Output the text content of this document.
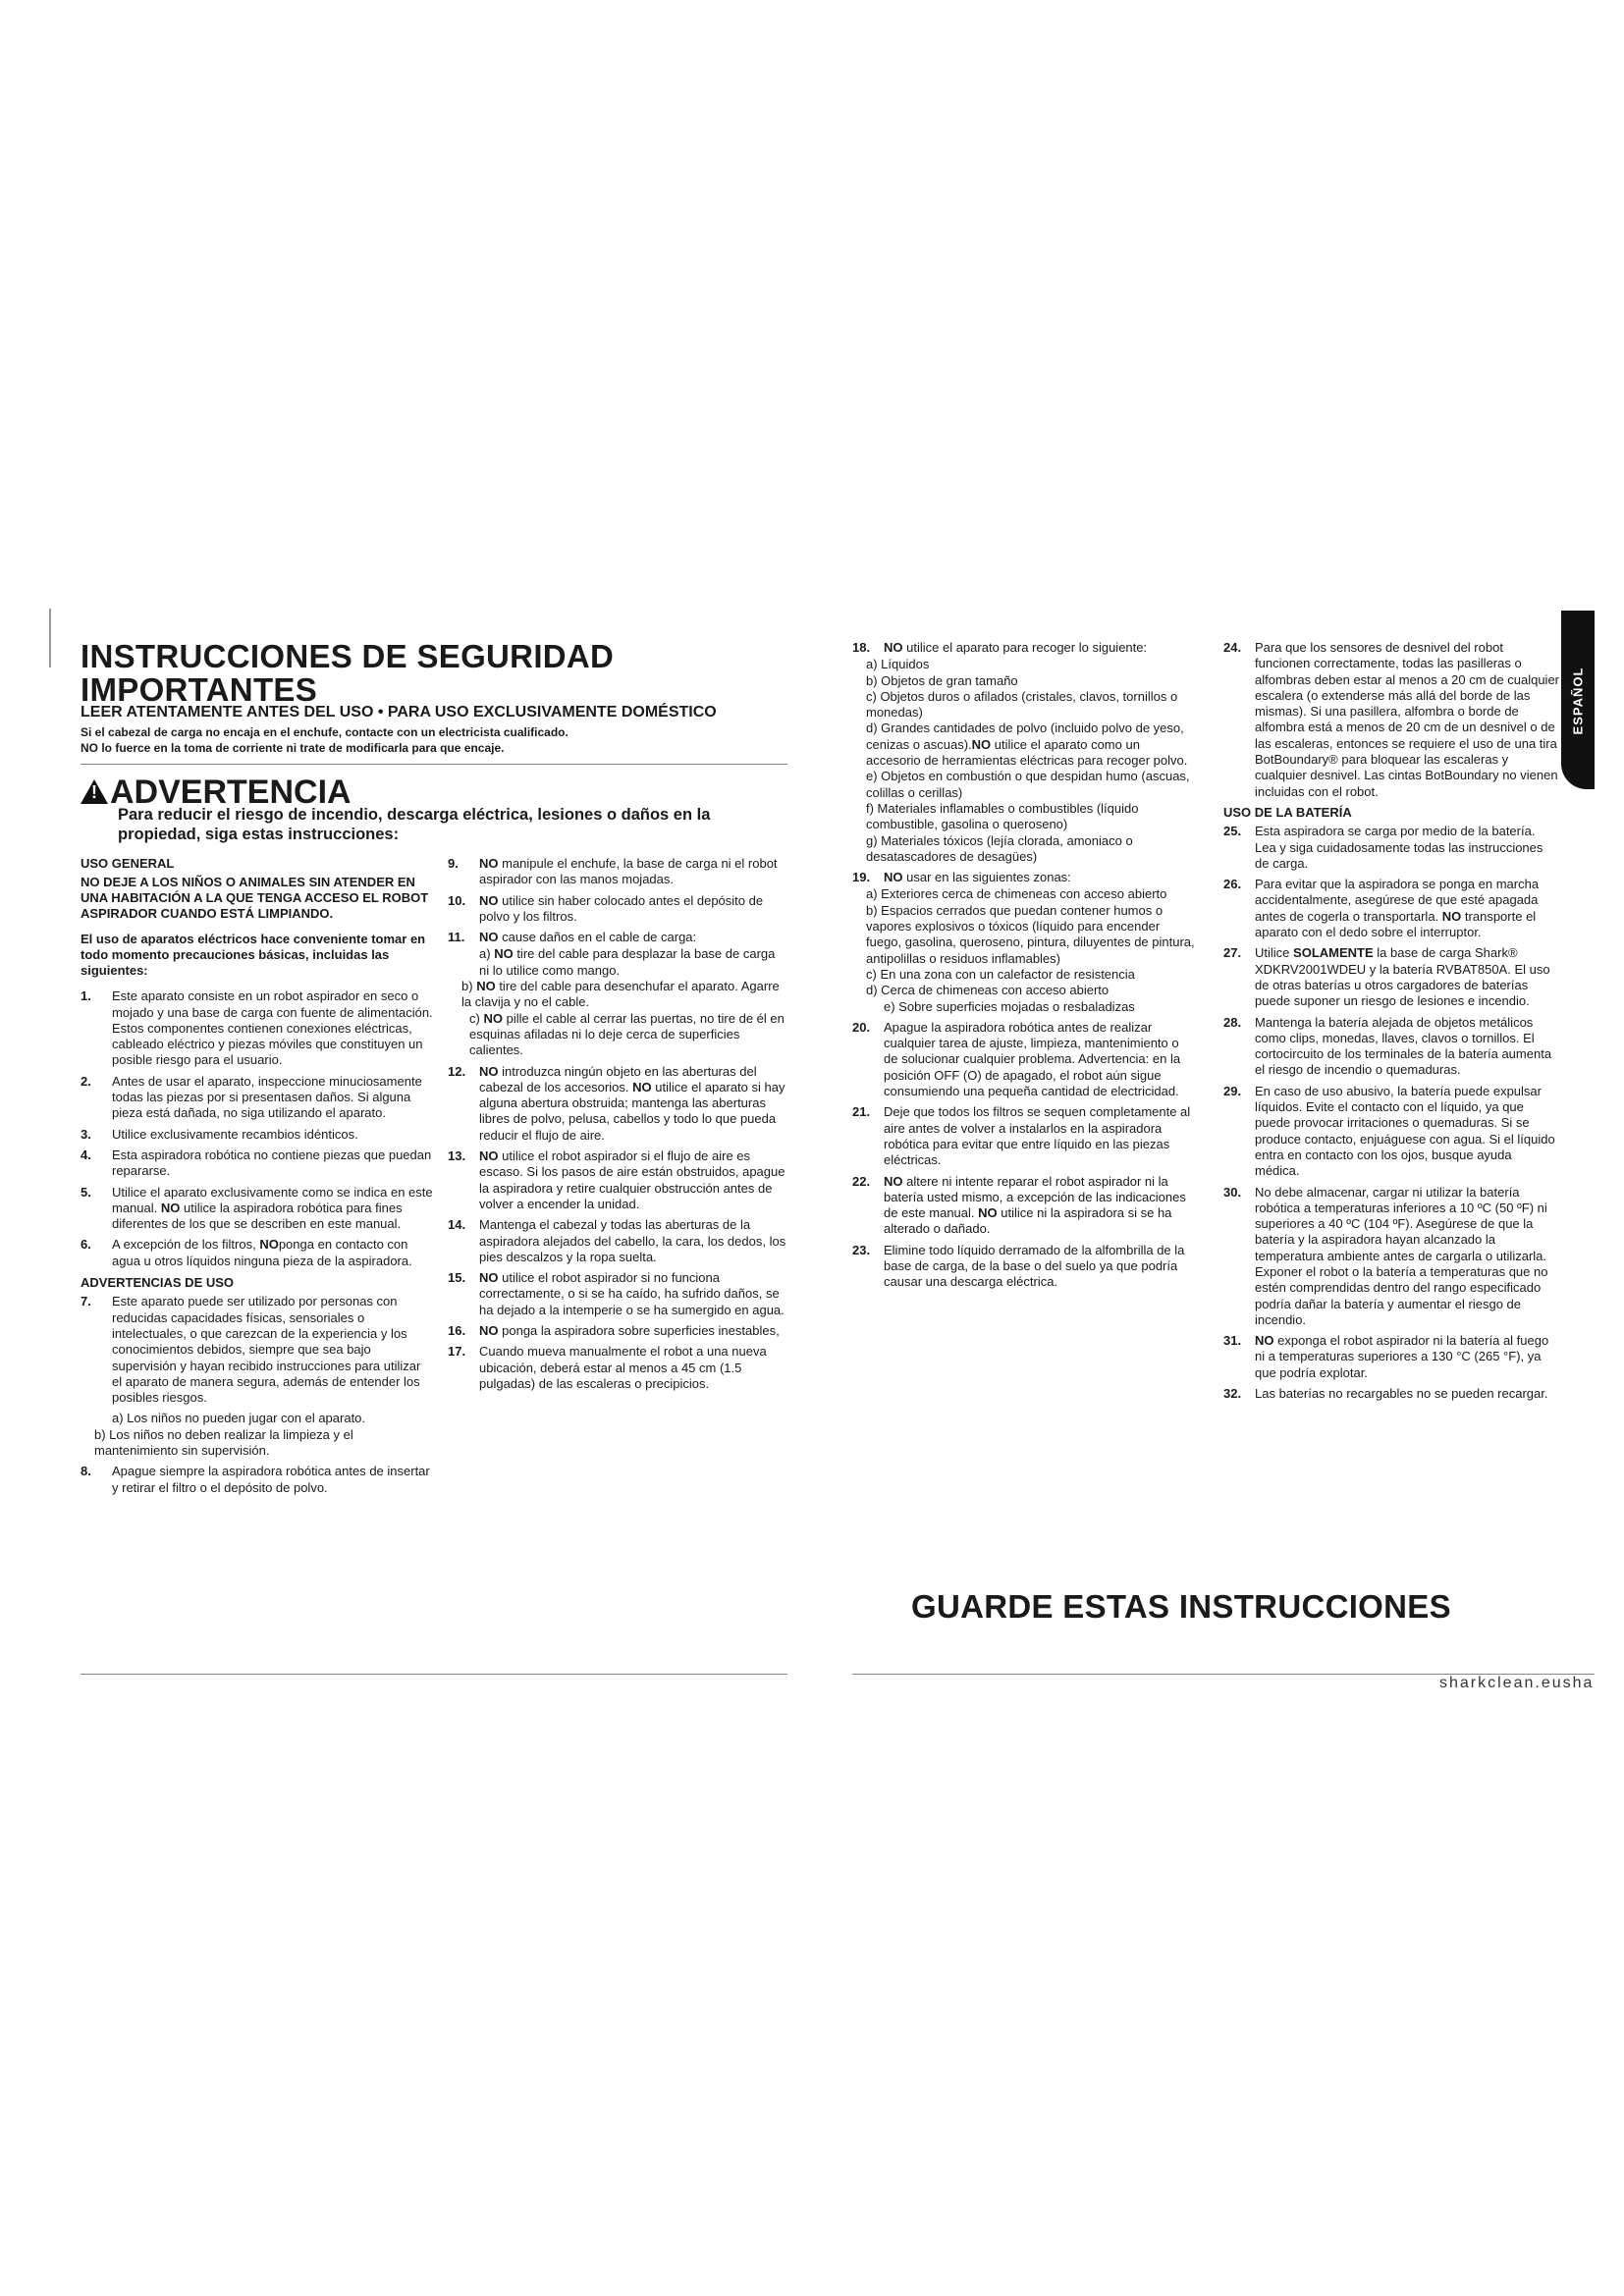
INSTRUCCIONES DE SEGURIDAD IMPORTANTES
LEER ATENTAMENTE ANTES DEL USO • PARA USO EXCLUSIVAMENTE DOMÉSTICO
Si el cabezal de carga no encaja en el enchufe, contacte con un electricista cualificado.
NO lo fuerce en la toma de corriente ni trate de modificarla para que encaje.
!ADVERTENCIA
Para reducir el riesgo de incendio, descarga eléctrica, lesiones o daños en la propiedad, siga estas instrucciones:
USO GENERAL
NO DEJE A LOS NIÑOS O ANIMALES SIN ATENDER EN UNA HABITACIÓN A LA QUE TENGA ACCESO EL ROBOT ASPIRADOR CUANDO ESTÁ LIMPIANDO.
El uso de aparatos eléctricos hace conveniente tomar en todo momento precauciones básicas, incluidas las siguientes:
1.	Este aparato consiste en un robot aspirador en seco o mojado y una base de carga con fuente de alimentación. Estos componentes contienen conexiones eléctricas, cableado eléctrico y piezas móviles que constituyen un posible riesgo para el usuario.
2.	Antes de usar el aparato, inspeccione minuciosamente todas las piezas por si presentasen daños. Si alguna pieza está dañada, no siga utilizando el aparato.
3.	Utilice exclusivamente recambios idénticos.
4.	Esta aspiradora robótica no contiene piezas que puedan repararse.
5.	Utilice el aparato exclusivamente como se indica en este manual. NO utilice la aspiradora robótica para fines diferentes de los que se describen en este manual.
6.	A excepción de los filtros, NOponga en contacto con agua u otros líquidos ninguna pieza de la aspiradora.
ADVERTENCIAS DE USO
7.	Este aparato puede ser utilizado por personas con reducidas capacidades físicas, sensoriales o intelectuales, o que carezcan de la experiencia y los conocimientos debidos, siempre que sea bajo supervisión y hayan recibido instrucciones para utilizar el aparato de manera segura, además de entender los posibles riesgos.
a) Los niños no pueden jugar con el aparato.
b) Los niños no deben realizar la limpieza y el mantenimiento sin supervisión.
8.	Apague siempre la aspiradora robótica antes de insertar y retirar el filtro o el depósito de polvo.
9.	NO manipule el enchufe, la base de carga ni el robot aspirador con las manos mojadas.
10.	NO utilice sin haber colocado antes el depósito de polvo y los filtros.
11.	NO cause daños en el cable de carga:
a) NO tire del cable para desplazar la base de carga ni lo utilice como mango.
b) NO tire del cable para desenchufar el aparato. Agarre la clavija y no el cable.
c) NO pille el cable al cerrar las puertas, no tire de él en esquinas afiladas ni lo deje cerca de superficies calientes.
12.	NO introduzca ningún objeto en las aberturas del cabezal de los accesorios. NO utilice el aparato si hay alguna abertura obstruida; mantenga las aberturas libres de polvo, pelusa, cabellos y todo lo que pueda reducir el flujo de aire.
13.	NO utilice el robot aspirador si el flujo de aire es escaso. Si los pasos de aire están obstruidos, apague la aspiradora y retire cualquier obstrucción antes de volver a encender la unidad.
14.	Mantenga el cabezal y todas las aberturas de la aspiradora alejados del cabello, la cara, los dedos, los pies descalzos y la ropa suelta.
15.	NO utilice el robot aspirador si no funciona correctamente, o si se ha caído, ha sufrido daños, se ha dejado a la intemperie o se ha sumergido en agua.
16.	NO ponga la aspiradora sobre superficies inestables,
17.	Cuando mueva manualmente el robot a una nueva ubicación, deberá estar al menos a 45 cm (1.5 pulgadas) de las escaleras o precipicios.
18.	NO utilice el aparato para recoger lo siguiente:
a) Líquidos
b) Objetos de gran tamaño
c) Objetos duros o afilados (cristales, clavos, tornillos o monedas)
d) Grandes cantidades de polvo (incluido polvo de yeso, cenizas o ascuas).NO utilice el aparato como un accesorio de herramientas eléctricas para recoger polvo.
e) Objetos en combustión o que despidan humo (ascuas, colillas o cerillas)
f) Materiales inflamables o combustibles (líquido combustible, gasolina o queroseno)
g) Materiales tóxicos (lejía clorada, amoniaco o desatascadores de desagües)
19.	NO usar en las siguientes zonas:
a) Exteriores cerca de chimeneas con acceso abierto
b) Espacios cerrados que puedan contener humos o vapores explosivos o tóxicos (líquido para encender fuego, gasolina, queroseno, pintura, diluyentes de pintura, antipolillas o residuos inflamables)
c) En una zona con un calefactor de resistencia
d) Cerca de chimeneas con acceso abierto
e) Sobre superficies mojadas o resbaladizas
20.	Apague la aspiradora robótica antes de realizar cualquier tarea de ajuste, limpieza, mantenimiento o de solucionar cualquier problema. Advertencia: en la posición OFF (O) de apagado, el robot aún sigue consumiendo una pequeña cantidad de electricidad.
21.	Deje que todos los filtros se sequen completamente al aire antes de volver a instalarlos en la aspiradora robótica para evitar que entre líquido en las piezas eléctricas.
22.	NO altere ni intente reparar el robot aspirador ni la batería usted mismo, a excepción de las indicaciones de este manual. NO utilice ni la aspiradora si se ha alterado o dañado.
23.	Elimine todo líquido derramado de la alfombrilla de la base de carga, de la base o del suelo ya que podría causar una descarga eléctrica.
24.	Para que los sensores de desnivel del robot funcionen correctamente, todas las pasilleras o alfombras deben estar al menos a 20 cm de cualquier escalera (o extenderse más allá del borde de las mismas). Si una pasillera, alfombra o borde de alfombra está a menos de 20 cm de un desnivel o de las escaleras, entonces se requiere el uso de una tira BotBoundary® para bloquear las escaleras y cualquier desnivel. Las cintas BotBoundary no vienen incluidas con el robot.
USO DE LA BATERÍA
25.	Esta aspiradora se carga por medio de la batería. Lea y siga cuidadosamente todas las instrucciones de carga.
26.	Para evitar que la aspiradora se ponga en marcha accidentalmente, asegúrese de que esté apagada antes de cogerla o transportarla. NO transporte el aparato con el dedo sobre el interruptor.
27.	Utilice SOLAMENTE la base de carga Shark® XDKRV2001WDEU y la batería RVBAT850A. El uso de otras baterías u otros cargadores de baterías puede suponer un riesgo de lesiones e incendio.
28.	Mantenga la batería alejada de objetos metálicos como clips, monedas, llaves, clavos o tornillos. El cortocircuito de los terminales de la batería aumenta el riesgo de incendio o quemaduras.
29.	En caso de uso abusivo, la batería puede expulsar líquidos. Evite el contacto con el líquido, ya que puede provocar irritaciones o quemaduras. Si se produce contacto, enjuáguese con agua. Si el líquido entra en contacto con los ojos, busque ayuda médica.
30.	No debe almacenar, cargar ni utilizar la batería robótica a temperaturas inferiores a 10 ºC (50 ºF) ni superiores a 40 ºC (104 ºF). Asegúrese de que la batería y la aspiradora hayan alcanzado la temperatura ambiente antes de cargarla o utilizarla. Exponer el robot o la batería a temperaturas que no estén comprendidas dentro del rango especificado podría dañar la batería y aumentar el riesgo de incendio.
31.	NO exponga el robot aspirador ni la batería al fuego ni a temperaturas superiores a 130 °C (265 °F), ya que podría explotar.
32.	Las baterías no recargables no se pueden recargar.
ESPAÑOL
GUARDE ESTAS INSTRUCCIONES
sharkclean.eusha
